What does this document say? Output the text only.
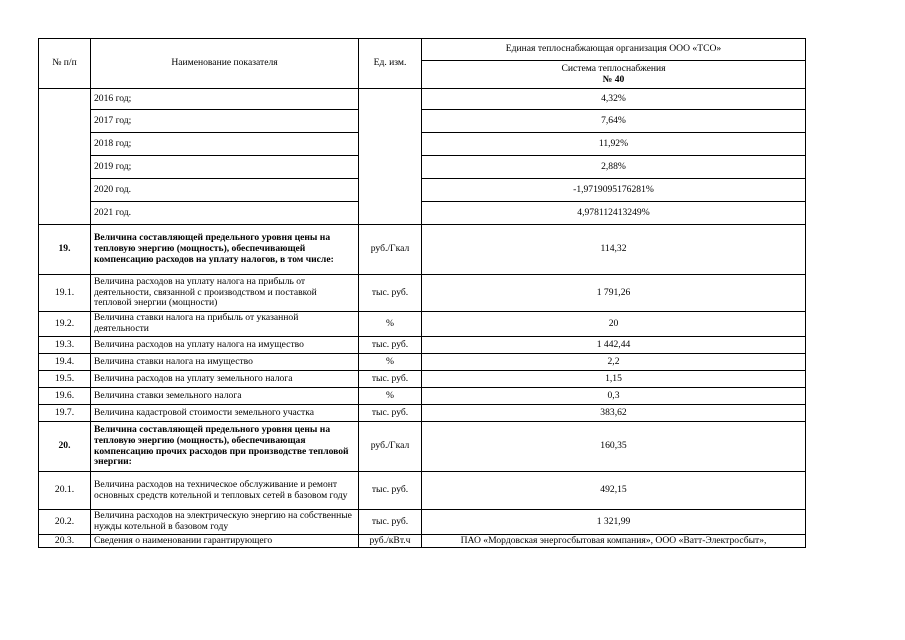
№ п/п	Наименование показателя	Ед. изм.	Единая теплоснабжающая организация ООО «ТСО»

			Система теплоснабжения
№ 40

	2016 год;		4,32%
	2017 год;		7,64%
	2018 год;		11,92%
	2019 год;		2,88%
	2020 год.		-1,9719095176281%
	2021 год.		4,978112413249%
19.	Величина составляющей предельного уровня цены на тепловую энергию (мощность), обеспечивающей компенсацию расходов на уплату налогов, в том числе:	руб./Гкал	114,32
19.1.	Величина расходов на уплату налога на прибыль от деятельности, связанной с производством и поставкой тепловой энергии (мощности)	тыс. руб.	1 791,26
19.2.	Величина ставки налога на прибыль от указанной деятельности	%	20
19.3.	Величина расходов на уплату налога на имущество	тыс. руб.	1 442,44
19.4.	Величина ставки налога на имущество	%	2,2
19.5.	Величина расходов на уплату земельного налога	тыс. руб.	1,15
19.6.	Величина ставки земельного налога	%	0,3
19.7.	Величина кадастровой стоимости земельного участка	тыс. руб.	383,62
20.	Величина составляющей предельного уровня цены на тепловую энергию (мощность), обеспечивающая компенсацию прочих расходов при производстве тепловой энергии:	руб./Гкал	160,35
20.1.	Величина расходов на техническое обслуживание и ремонт основных средств котельной и тепловых сетей в базовом году	тыс. руб.	492,15
20.2.	Величина расходов на электрическую энергию на собственные нужды котельной в базовом году	тыс. руб.	1 321,99
20.3.	Сведения о наименовании гарантирующего	руб./кВт.ч	ПАО «Мордовская энергосбытовая компания», ООО «Ватт-Электросбыт»,
